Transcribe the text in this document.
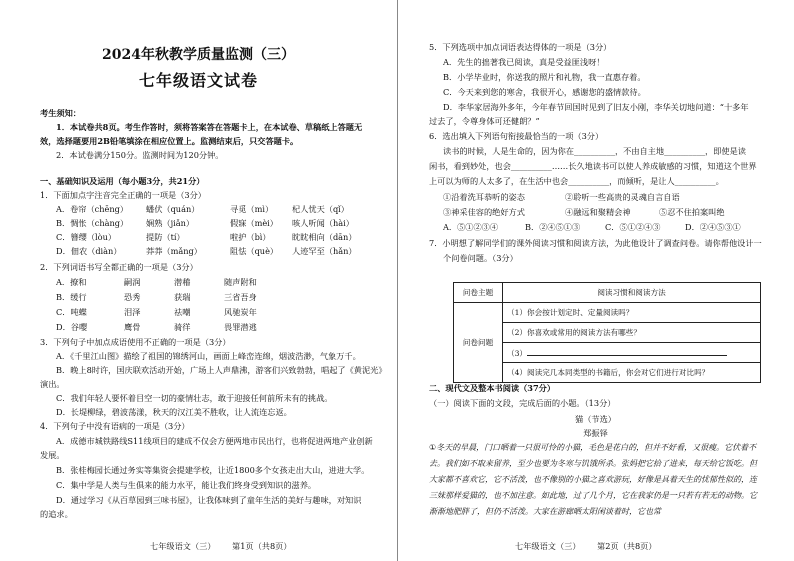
2024年秋教学质量监测（三）
七年级语文试卷
考生须知：
1．本试卷共8页。考生作答时，须将答案答在答题卡上，在本试卷、草稿纸上答题无
效，选择题要用2B铅笔填涂在相应位置上。监测结束后，只交答题卡。
2．本试卷满分150分。监测时间为120分钟。
一、基础知识及运用（每小题3分，共21分）
1．下面加点字注音完全正确的一项是（3分）
A．卷帘（chēng） 蟠伏（quán）	寻觅（mì） 杞人忧天（qǐ）
B．惆怅（chàng） 娴熟（jiǎn）	假寐（mèi） 咳人听闻（hài）
C．簪缨（lòu）	提防（tí）	啦护（bì）	眈眈相向（dān）
D．佃农（diàn）	莽莽（mǎng）	阻怯（què） 人迹罕至（hǎn）
2．下列词语书写全都正确的一项是（3分）
A．撩和	嗣润	潜稽	随声附和
B．缓行	恐秀	获瑞	三省吾身
C．吨蝶	泪泽	祛嘲	风驰炭年
D．谷嘤	鹰骨	骑徉	畏罪潜逃
3．下列句子中加点成语使用不正确的一项是（3分）
A．《千里江山图》描绘了祖国的锦绣河山，画面上峰峦连绵，烟波浩渺，气象万千。
B．晚上8时许，国庆联欢活动开始，广场上人声鼎沸，游客们兴致勃勃，唱起了《黄泥光》
演出。
C．我们年轻人要怀着目空一切的豪情壮志，敢于迎接任何前所未有的挑战。
D．长堤柳绿，碧波荡漾，秋天的汉江美不胜收，让人流连忘返。
4．下列句子中没有语病的一项是（3分）
A．成德市城铁路线S11线项目的建成不仅会方便两地市民出行，也将促进两地产业创新
发展。
B．张桂梅园长通过务实等集资会提建学校，让近1800多个女孩走出大山，进进大学。
C．集中学是人类与生俱来的能力水平，能让我们终身受到知识的滋养。
D．通过学习《从百草园到三味书屋》，让我体味到了童年生活的美好与趣味，对知识
的追求。
七年级语文（三） 第1页（共8页）
5．下列选项中加点词语表达得体的一项是（3分）
A．先生的拙著我已阅读，真是受益匪浅呀！
B．小学毕业时，你送我的照片和礼物，我一直惠存着。
C．今天来到您的寒舍，我很开心，感谢您的盛情款待。
D．李华家居海外多年，今年春节回国时见到了旧友小刚，李华关切地问道：“十多年
过去了，令尊身体可还健朗？”
6．选出填入下列语句衔接最恰当的一项（3分）
读书的时候，人是生命的，因为你在__________，不由自主地__________，即使是读
闲书，看到妙处，也会__________……长久地读书可以使人养成敏感的习惯，知道这个世界
上可以为师的人太多了，在生活中也会__________，而倾听，是让人__________。
①沿着洗耳恭听的姿态	②聆听一些高贵的灵魂自言自语
③神采佳容的绝好方式	④融远和聚精会神	⑤忍不住拍案叫绝
A．⑤①②③④	B．②④⑤①③	C．⑤①②④③	D．②④⑤③①
7．小明想了解同学们的课外阅读习惯和阅读方法，为此他设计了调查问卷。请你帮他设计一
个问卷问题。（3分）
问卷主题	阅读习惯和阅读方法
问卷问题	（1）你会按计划定时、定量阅读吗？
	（2）你喜欢或常用的阅读方法有哪些？
	（3）
	（4）阅读完几本同类型的书籍后，你会对它们进行对比吗？
二、现代文及整本书阅读（37分）
（一）阅读下面的文段，完成后面的小题。（13分）
猫（节选）
郑振铎
①冬天的早晨，门口晒着一只很可怜的小猫，毛色是花白的，但并不好看，又很瘦。它伏着不去。我们如不取来留养，至少也要为冬寒与饥饿所杀。张妈把它拾了进来，每天给它饭吃。但大家都不喜欢它，它不活泼，也不像别的小猫之喜欢游玩，好像是具着天生的忧郁性似的，连三妹那样爱猫的，也不加注意。如此地，过了几个月，它在我家仍是一只若有若无的动物。它渐渐地肥胖了，但仍不活泼。大家在游廊晒太阳闲谈着时，它也常
七年级语文（三） 第2页（共8页）
